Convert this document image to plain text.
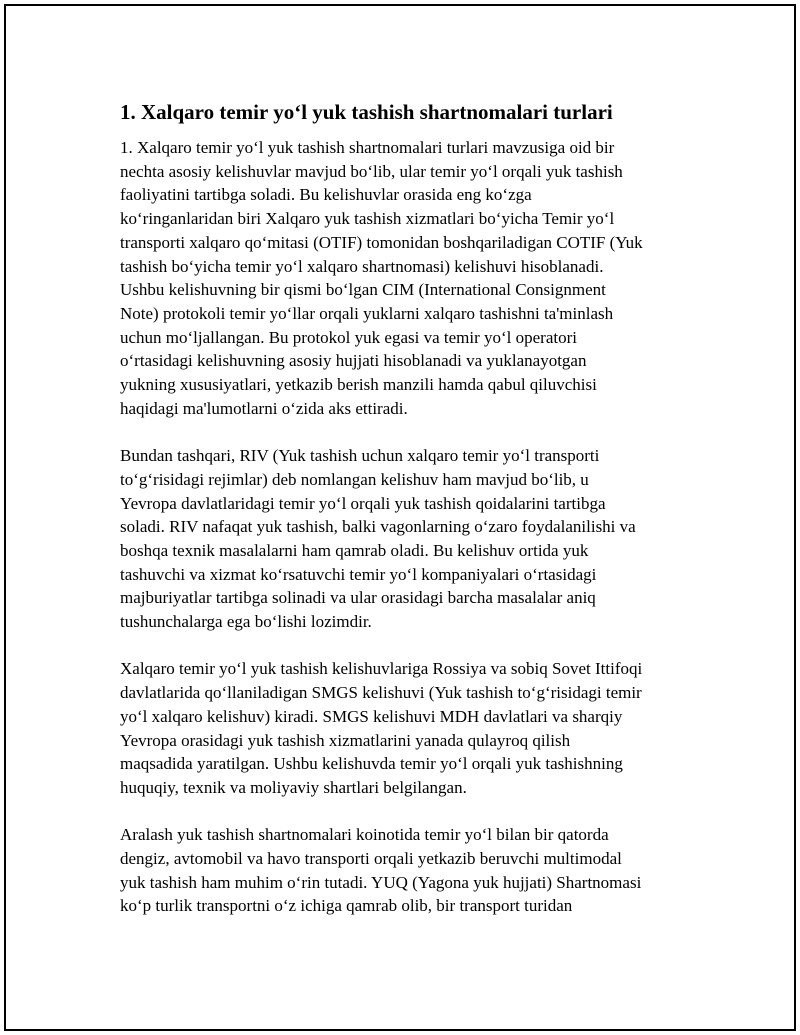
1. Xalqaro temir yoʻl yuk tashish shartnomalari turlari

1. Xalqaro temir yoʻl yuk tashish shartnomalari turlari mavzusiga oid bir
nechta asosiy kelishuvlar mavjud boʻlib, ular temir yoʻl orqali yuk tashish
faoliyatini tartibga soladi. Bu kelishuvlar orasida eng koʻzga
koʻringanlaridan biri Xalqaro yuk tashish xizmatlari boʻyicha Temir yoʻl
transporti xalqaro qoʻmitasi (OTIF) tomonidan boshqariladigan COTIF (Yuk
tashish boʻyicha temir yoʻl xalqaro shartnomasi) kelishuvi hisoblanadi.
Ushbu kelishuvning bir qismi boʻlgan CIM (International Consignment
Note) protokoli temir yoʻllar orqali yuklarni xalqaro tashishni ta'minlash
uchun moʻljallangan. Bu protokol yuk egasi va temir yoʻl operatori
oʻrtasidagi kelishuvning asosiy hujjati hisoblanadi va yuklanayotgan
yukning xususiyatlari, yetkazib berish manzili hamda qabul qiluvchisi
haqidagi ma'lumotlarni oʻzida aks ettiradi.

Bundan tashqari, RIV (Yuk tashish uchun xalqaro temir yoʻl transporti
toʻgʻrisidagi rejimlar) deb nomlangan kelishuv ham mavjud boʻlib, u
Yevropa davlatlaridagi temir yoʻl orqali yuk tashish qoidalarini tartibga
soladi. RIV nafaqat yuk tashish, balki vagonlarning oʻzaro foydalanilishi va
boshqa texnik masalalarni ham qamrab oladi. Bu kelishuv ortida yuk
tashuvchi va xizmat koʻrsatuvchi temir yoʻl kompaniyalari oʻrtasidagi
majburiyatlar tartibga solinadi va ular orasidagi barcha masalalar aniq
tushunchalarga ega boʻlishi lozimdir.

Xalqaro temir yoʻl yuk tashish kelishuvlariga Rossiya va sobiq Sovet Ittifoqi
davlatlarida qoʻllaniladigan SMGS kelishuvi (Yuk tashish toʻgʻrisidagi temir
yoʻl xalqaro kelishuv) kiradi. SMGS kelishuvi MDH davlatlari va sharqiy
Yevropa orasidagi yuk tashish xizmatlarini yanada qulayroq qilish
maqsadida yaratilgan. Ushbu kelishuvda temir yoʻl orqali yuk tashishning
huquqiy, texnik va moliyaviy shartlari belgilangan.

Aralash yuk tashish shartnomalari koinotida temir yoʻl bilan bir qatorda
dengiz, avtomobil va havo transporti orqali yetkazib beruvchi multimodal
yuk tashish ham muhim oʻrin tutadi. YUQ (Yagona yuk hujjati) Shartnomasi
koʻp turlik transportni oʻz ichiga qamrab olib, bir transport turidan
